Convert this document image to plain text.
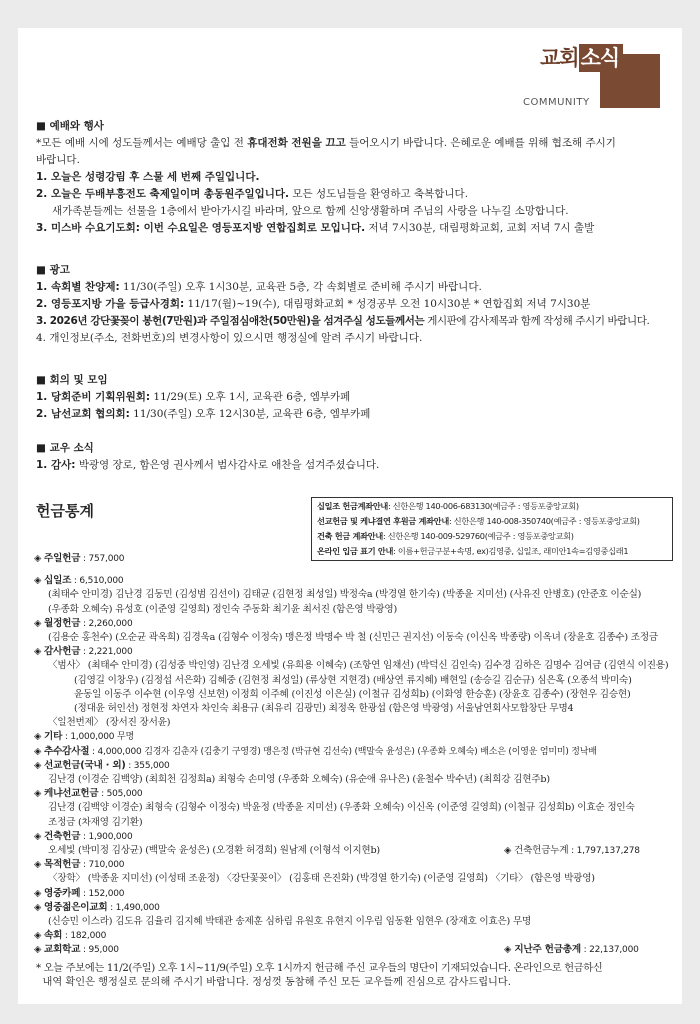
교회소식
COMMUNITY
■ 예배와 행사
*모든 예배 시에 성도들께서는 예배당 출입 전 휴대전화 전원을 끄고 들어오시기 바랍니다. 은혜로운 예배를 위해 협조해 주시기
바랍니다.
1. 오늘은 성령강림 후 스물 세 번째 주일입니다.
2. 오늘은 두배부흥전도 축제일이며 총동원주일입니다. 모든 성도님들을 환영하고 축복합니다.
새가족분들께는 선물을 1층에서 받아가시길 바라며, 앞으로 함께 신앙생활하며 주님의 사랑을 나누길 소망합니다.
3. 미스바 수요기도회: 이번 수요일은 영등포지방 연합집회로 모입니다. 저녁 7시30분, 대림평화교회, 교회 저녁 7시 출발
■ 광고
1. 속회별 찬양제: 11/30(주일) 오후 1시30분, 교육관 5층, 각 속회별로 준비해 주시기 바랍니다.
2. 영등포지방 가을 등급사경회: 11/17(월)~19(수), 대림평화교회 * 성경공부 오전 10시30분 * 연합집회 저녁 7시30분
3. 2026년 강단꽃꽂이 봉헌(7만원)과 주일점심애찬(50만원)을 섬겨주실 성도들께서는 게시판에 감사제목과 함께 작성해 주시기 바랍니다.
4. 개인정보(주소, 전화번호)의 변경사항이 있으시면 행정실에 알려 주시기 바랍니다.
■ 회의 및 모임
1. 당회준비 기획위원회: 11/29(토) 오후 1시, 교육관 6층, 엠부카페
2. 남선교회 협의회: 11/30(주일) 오후 12시30분, 교육관 6층, 엠부카페
■ 교우 소식
1. 감사: 박광영 장로, 함은영 권사께서 범사감사로 애찬을 섬겨주셨습니다.
헌금통계	십일조 헌금계좌안내: 신한은행 140-006-683130(예금주 : 영등포중앙교회)
선교헌금 및 케냐결연 후원금 계좌안내: 신한은행 140-008-350740(예금주 : 영등포중앙교회)
건축 헌금 계좌안내: 신한은행 140-009-529760(예금주 : 영등포중앙교회)
온라인 입금 표기 안내: 이름+헌금구분+속명, ex)김영중, 십일조, 래미안1속=김영중십래1
◈ 주일헌금 : 757,000
◈ 십일조 : 6,510,000
(최태수 안미경) 김난경 김동민 (김성범 김선이) 김태균 (김현정 최성일) 박정숙a (박경열 한기숙) (박종윤 지미선) (사유진 안병호) (안준호 이순실)
(우종화 오혜숙) 유성호 (이준영 길영희) 정인숙 주동화 최기윤 최서진 (함은영 박광영)
◈ 월정헌금 : 2,260,000
(김용순 홍천수) (오순균 곽옥희) 김경욱a (김형수 이정숙) 맹은정 박명수 박 철 (신민근 권지선) 이동숙 (이신옥 박종량) 이옥녀 (장윤호 김종수) 조정금
◈ 감사헌금 : 2,221,000
〈범사〉 (최태수 안미경) (김성중 박인영) 김난경 오세빛 (유희용 이혜숙) (조항연 임채선) (박덕신 김인숙) 김수경 김하은 김명수 김여금 (김연식 이진용)
(김영길 이창우) (김정섭 서은화) 김혜중 (김현정 최성일) (류상현 지현경) (배상연 류지혜) 배현일 (송승길 김순규) 심은혹 (오종석 박미숙)
윤동일 이동주 이수현 (이우영 신보현) 이정희 이주혜 (이진성 이은실) (이철규 김성희b) (이화영 한승훈) (장윤호 김종수) (장현우 김승현)
(정대윤 허인선) 정현정 차연자 차인숙 최용규 (최유리 김광민) 최정옥 한광섭 (함은영 박광영) 서울남연회사모합창단 무명4
〈일천번제〉 (장서진 장서윤)
◈ 기타 : 1,000,000 무명
◈ 추수감사절 : 4,000,000 김경자 김춘자 (김충기 구영경) 맹은정 (박규현 김선숙) (백말숙 윤성은) (우종화 오혜숙) 배소은 (이영운 엄미미) 정낙배
◈ 선교헌금(국내 · 외) : 355,000
김난경 (이경순 김백양) (최희천 김정희a) 최형숙 손미영 (우종화 오혜숙) (유순애 유나은) (윤철수 박수년) (최희강 김현주b)
◈ 케냐선교헌금 : 505,000
김난경 (김백양 이경순) 최형숙 (김형수 이정숙) 박윤정 (박종윤 지미선) (우종화 오혜숙) 이신옥 (이준영 길영희) (이철규 김성희b) 이효순 정인숙
조정금 (차재영 김기환)
◈ 건축헌금 : 1,900,000
오세빛 (박미정 김상균) (백말숙 윤성은) (오경환 허경희) 원남제 (이형석 이지현b)	◈ 건축헌금누계 : 1,797,137,278
◈ 목적헌금 : 710,000
〈장학〉 (박종윤 지미선) (이성태 조윤정) 〈강단꽃꽂이〉 (김홍태 은진화) (박경열 한기숙) (이준영 길영희) 〈기타〉 (함은영 박광영)
◈ 영중카페 : 152,000
◈ 영중젊은이교회 : 1,490,000
(신승민 이스라) 김도유 김율리 김지혜 박태관 송제훈 심하림 유원호 유현지 이우림 임동환 임현우 (장재호 이효은) 무명
◈ 속회 : 182,000
◈ 교회학교 : 95,000	◈ 지난주 헌금총계 : 22,137,000
* 오늘 주보에는 11/2(주일) 오후 1시~11/9(주일) 오후 1시까지 헌금해 주신 교우들의 명단이 기재되었습니다. 온라인으로 헌금하신
내역 확인은 행정실로 문의해 주시기 바랍니다. 정성껏 동참해 주신 모든 교우들께 진심으로 감사드립니다.
